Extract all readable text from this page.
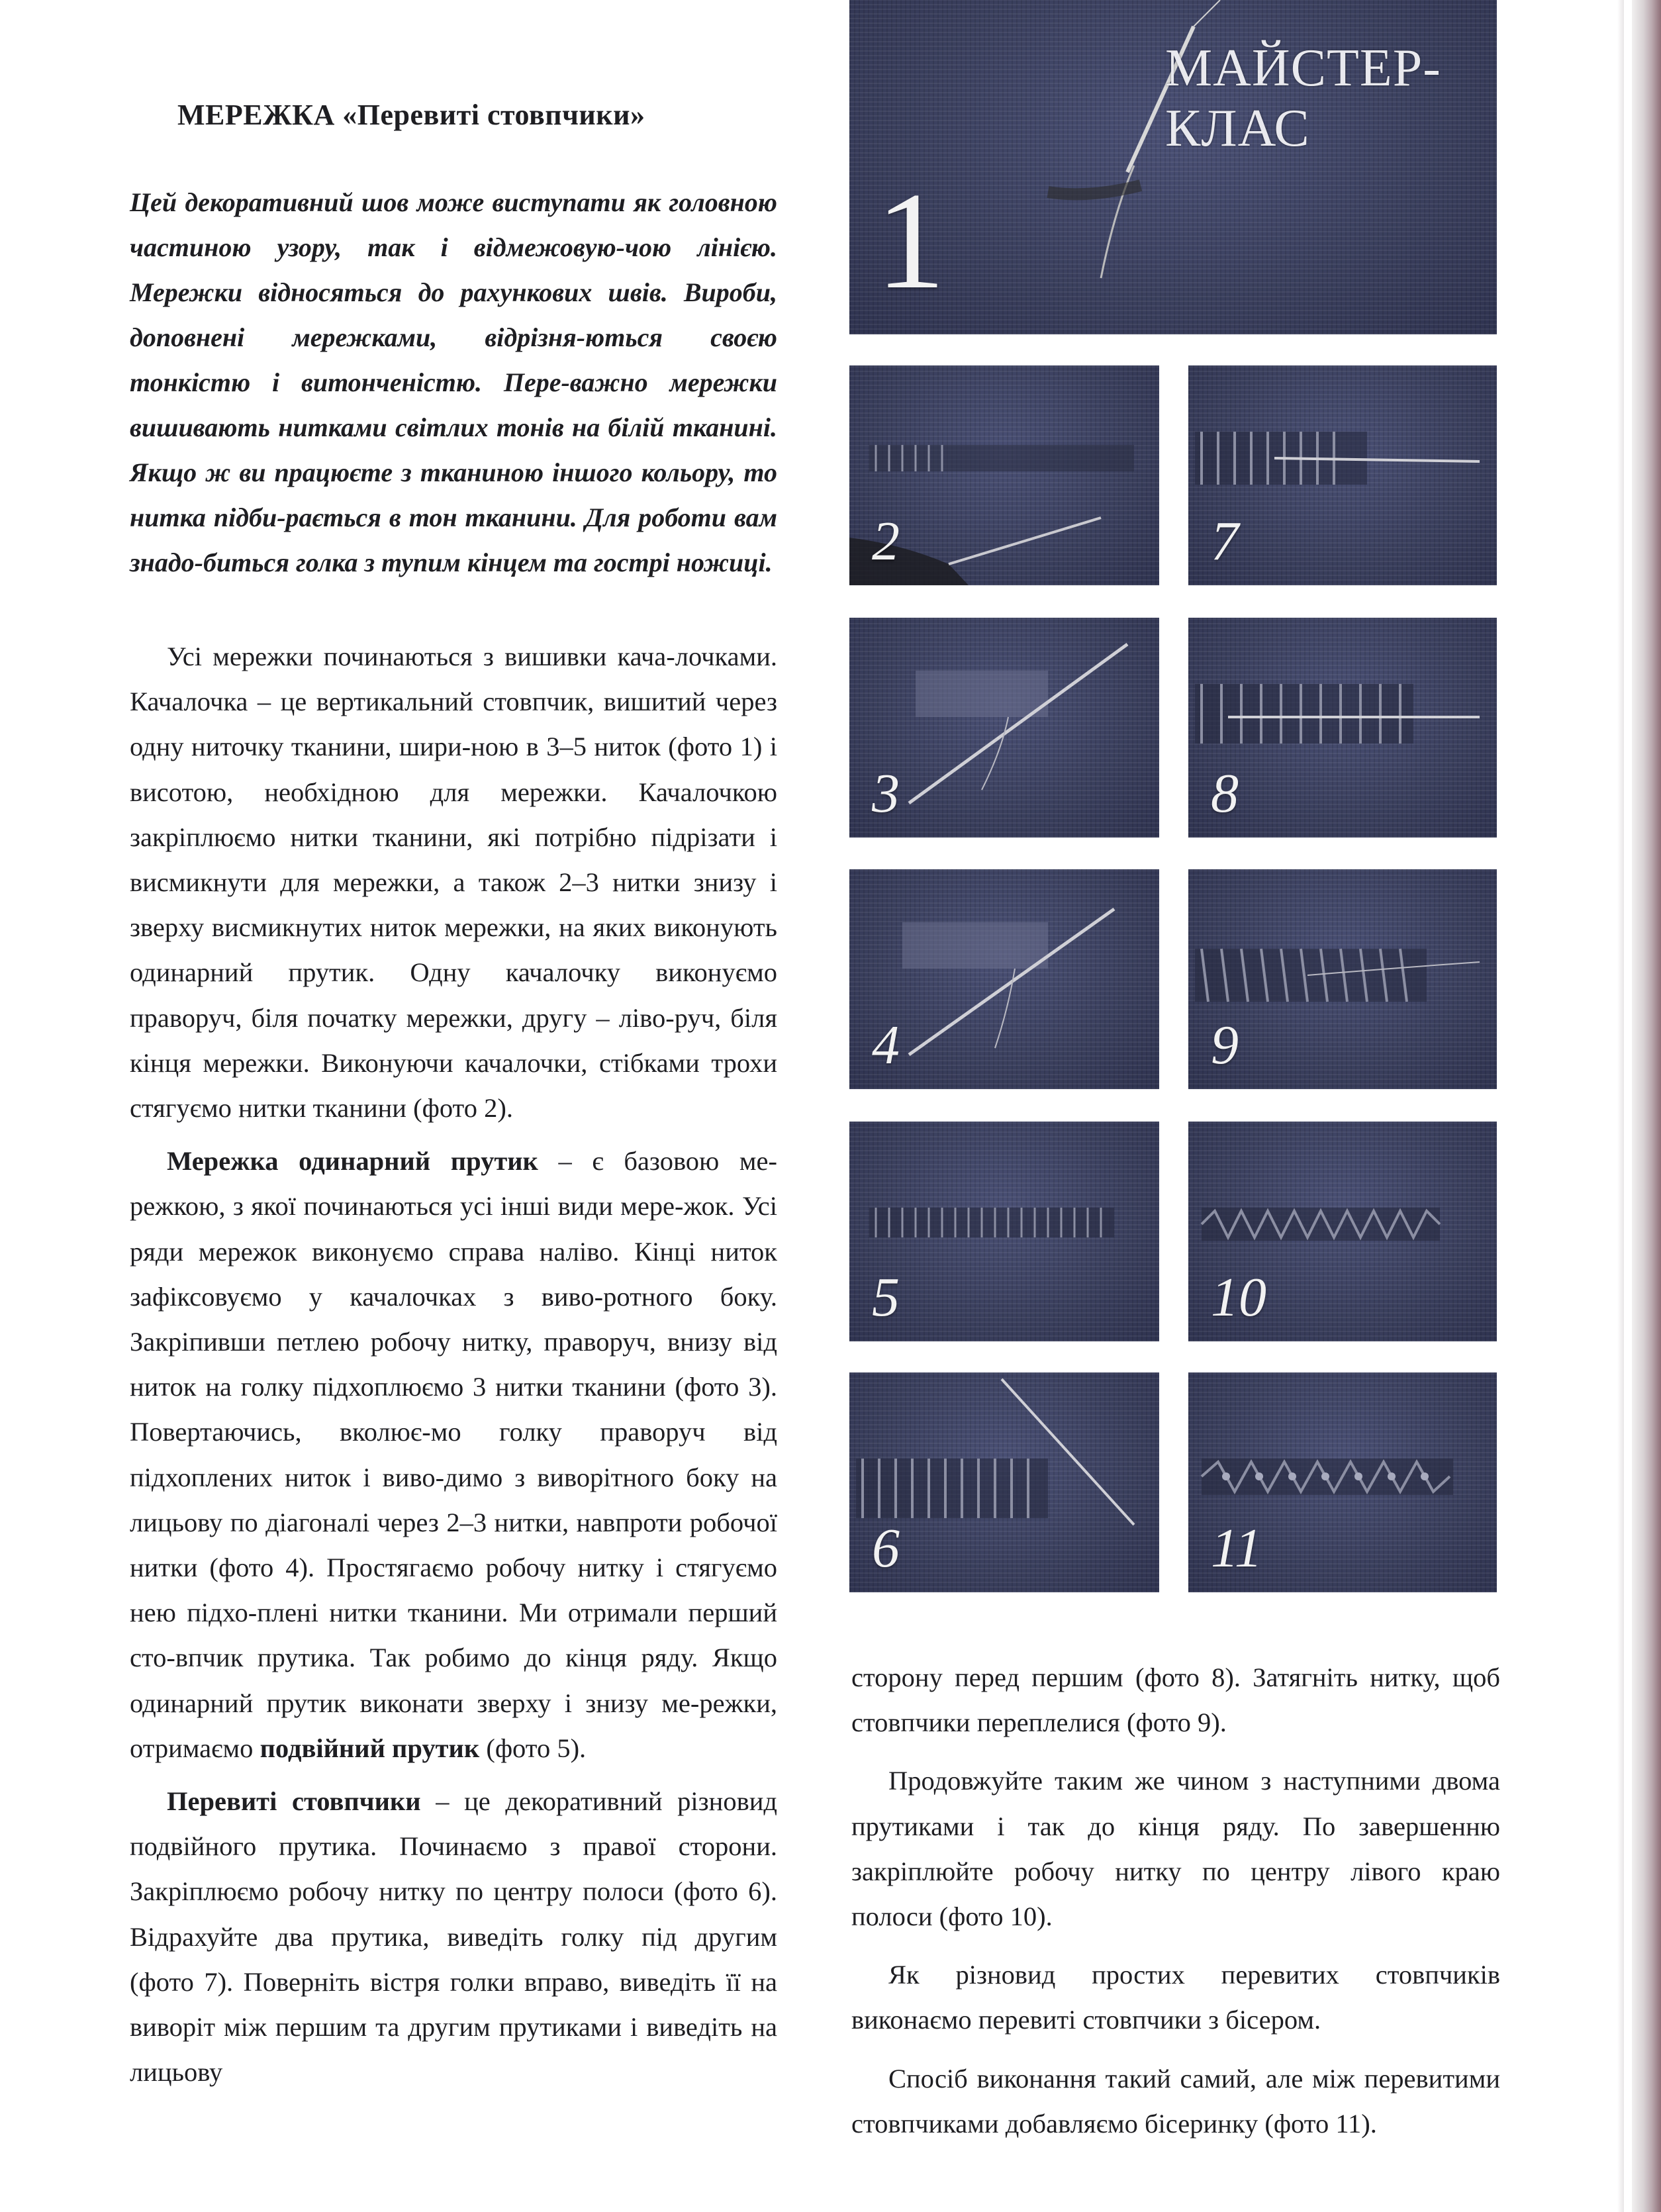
1
МАЙСТЕР-КЛАС
2
3
4
5
6
7
8
9
10
11
МЕРЕЖКА «Перевиті стовпчики»

Цей декоративний шов може виступати як головною частиною узору, так і відмежовую-чою лінією. Мережки відносяться до рахункових швів. Вироби, доповнені мережками, відрізня-ються своєю тонкістю і витонченістю. Пере-важно мережки вишивають нитками світлих тонів на білій тканині. Якщо ж ви працюєте з тканиною іншого кольору, то нитка підби-рається в тон тканини. Для роботи вам знадо-биться голка з тупим кінцем та гострі ножиці.

Усі мережки починаються з вишивки кача-лочками. Качалочка – це вертикальний стовпчик, вишитий через одну ниточку тканини, шири-ною в 3–5 ниток (фото 1) і висотою, необхідною для мережки. Качалочкою закріплюємо нитки тканини, які потрібно підрізати і висмикнути для мережки, а також 2–3 нитки знизу і зверху висмикнутих ниток мережки, на яких виконують одинарний прутик. Одну качалочку виконуємо праворуч, біля початку мережки, другу – ліво-руч, біля кінця мережки. Виконуючи качалочки, стібками трохи стягуємо нитки тканини (фото 2).

Мережка одинарний прутик – є базовою ме-режкою, з якої починаються усі інші види мере-жок. Усі ряди мережок виконуємо справа наліво. Кінці ниток зафіксовуємо у качалочках з виво-ротного боку. Закріпивши петлею робочу нитку, праворуч, внизу від ниток на голку підхоплюємо 3 нитки тканини (фото 3). Повертаючись, вколює-мо голку праворуч від підхоплених ниток і виво-димо з виворітного боку на лицьову по діагоналі через 2–3 нитки, навпроти робочої нитки (фото 4). Простягаємо робочу нитку і стягуємо нею підхо-плені нитки тканини. Ми отримали перший сто-впчик прутика. Так робимо до кінця ряду. Якщо одинарний прутик виконати зверху і знизу ме-режки, отримаємо подвійний прутик (фото 5).

Перевиті стовпчики – це декоративний різновид подвійного прутика. Починаємо з правої сторони. Закріплюємо робочу нитку по центру полоси (фото 6). Відрахуйте два прутика, виведіть голку під другим (фото 7). Поверніть вістря голки вправо, виведіть її на виворіт між першим та другим прутиками і виведіть на лицьову

сторону перед першим (фото 8). Затягніть нитку, щоб стовпчики переплелися (фото 9).

Продовжуйте таким же чином з наступними двома прутиками і так до кінця ряду. По завершенню закріплюйте робочу нитку по центру лівого краю полоси (фото 10).

Як різновид простих перевитих стовпчиків виконаємо перевиті стовпчики з бісером.

Спосіб виконання такий самий, але між перевитими стовпчиками добавляємо бісеринку (фото 11).
